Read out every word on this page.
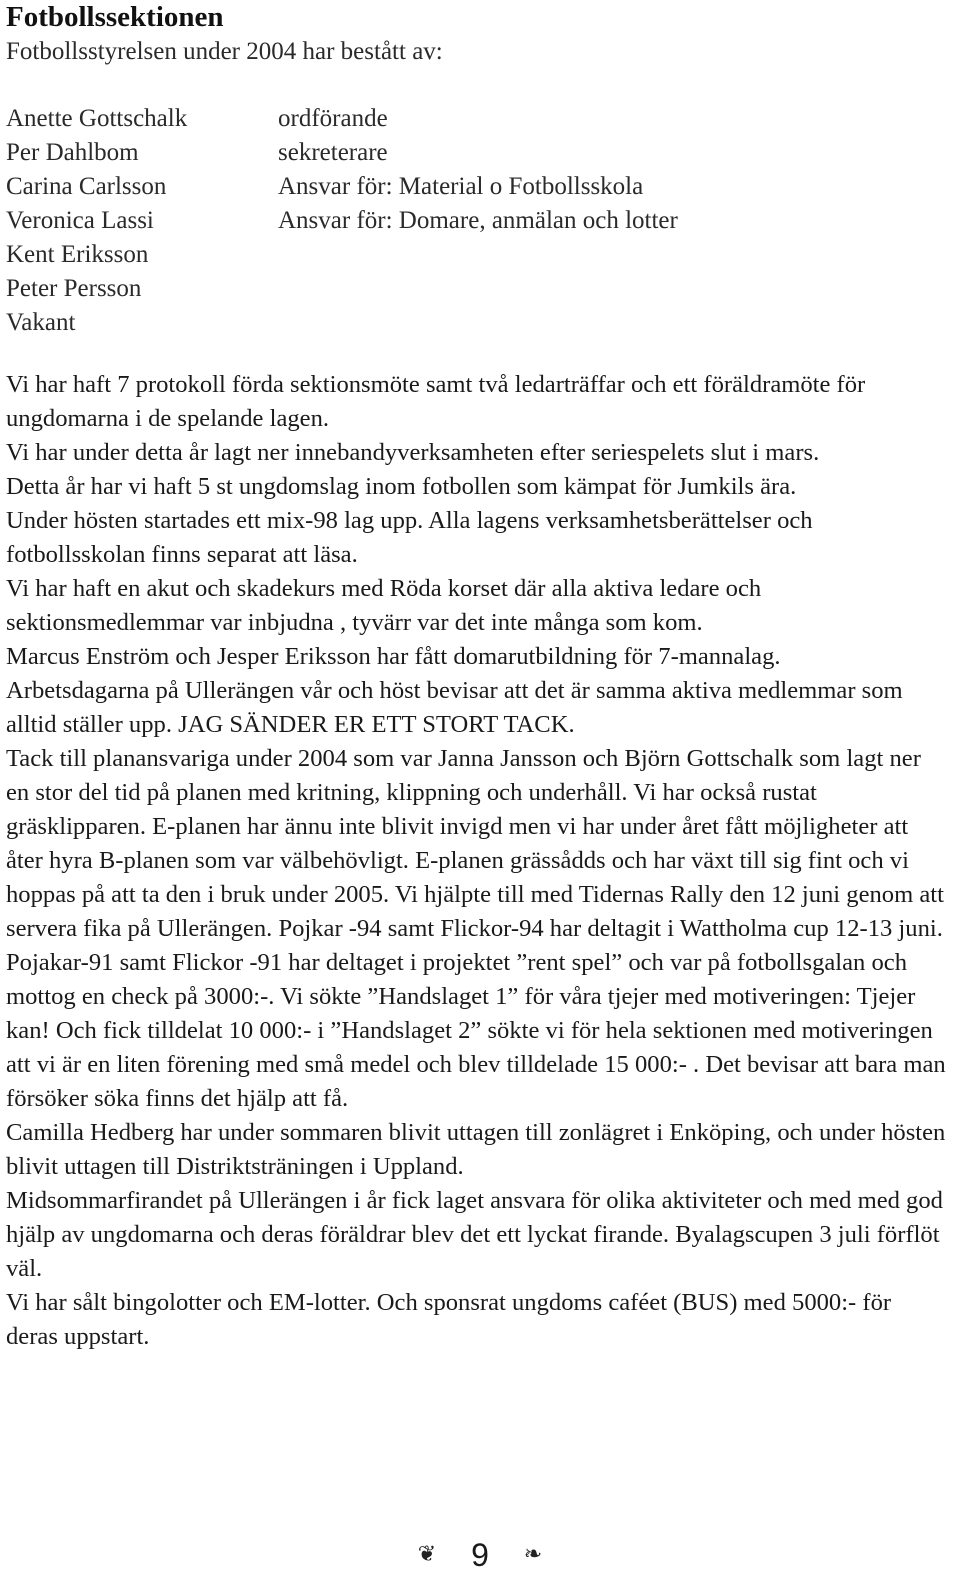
Fotbollssektionen

Fotbollsstyrelsen under 2004 har bestått av:

Anette Gottschalk	ordförande
Per Dahlbom	sekreterare
Carina Carlsson	Ansvar för: Material o Fotbollsskola
Veronica Lassi	Ansvar för: Domare, anmälan och lotter
Kent Eriksson
Peter Persson
Vakant

Vi har haft 7 protokoll förda sektionsmöte samt två ledarträffar och ett föräldramöte för ungdomarna i de spelande lagen.

Vi har under detta år lagt ner innebandyverksamheten efter seriespelets slut i mars.

Detta år har vi haft 5 st ungdomslag inom fotbollen som kämpat för Jumkils ära.

Under hösten startades ett mix-98 lag upp. Alla lagens verksamhetsberättelser och fotbollsskolan finns separat att läsa.

Vi har haft en akut och skadekurs med Röda korset där alla aktiva ledare och sektionsmedlemmar var inbjudna , tyvärr var det inte många som kom.

Marcus Enström och Jesper Eriksson har fått domarutbildning för 7-mannalag.

Arbetsdagarna på Ullerängen vår och höst bevisar att det är samma aktiva medlemmar som alltid ställer upp. JAG SÄNDER ER ETT STORT TACK.

Tack till planansvariga under 2004 som var Janna Jansson och Björn Gottschalk som lagt ner en stor del tid på planen med kritning, klippning och underhåll. Vi har också rustat gräsklipparen. E-planen har ännu inte blivit invigd men vi har under året fått möjligheter att åter hyra B-planen som var välbehövligt. E-planen grässådds och har växt till sig fint och vi hoppas på att ta den i bruk under 2005. Vi hjälpte till med Tidernas Rally den 12 juni genom att servera fika på Ullerängen. Pojkar -94 samt Flickor-94 har deltagit i Wattholma cup 12-13 juni. Pojakar-91 samt Flickor -91 har deltaget i projektet ”rent spel” och var på fotbollsgalan och mottog en check på 3000:-. Vi sökte ”Handslaget 1” för våra tjejer med motiveringen: Tjejer kan! Och fick tilldelat 10 000:- i ”Handslaget 2” sökte vi för hela sektionen med motiveringen att vi är en liten förening med små medel och blev tilldelade 15 000:- . Det bevisar att bara man försöker söka finns det hjälp att få.

Camilla Hedberg har under sommaren blivit uttagen till zonlägret i Enköping, och under hösten blivit uttagen till Distriktsträningen i Uppland.

Midsommarfirandet på Ullerängen i år fick laget ansvara för olika aktiviteter och med med god hjälp av ungdomarna och deras föräldrar blev det ett lyckat firande. Byalagscupen 3 juli förflöt väl.

Vi har sålt bingolotter och EM-lotter. Och sponsrat ungdoms caféet (BUS) med 5000:- för deras uppstart.

❦ 9 ❧
